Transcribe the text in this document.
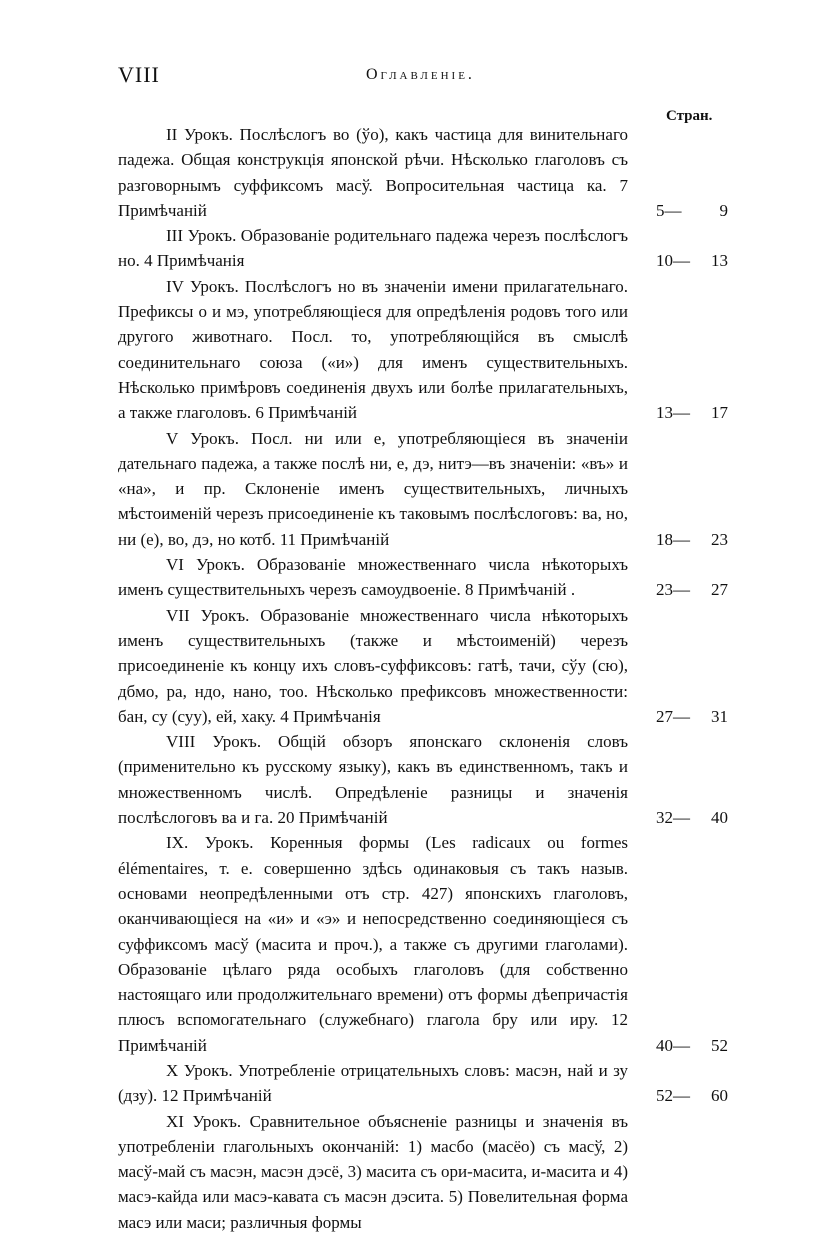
VIII	Оглавленіе.
Стран.
II Урокъ. Послѣслогъ во (ўо), какъ частица для винительнаго падежа. Общая конструкція японской рѣчи. Нѣсколько глаголовъ съ разговорнымъ суффиксомъ масў. Вопросительная частица ка. 7 Примѣчаній	5— 9
III Урокъ. Образованіе родительнаго падежа черезъ послѣслогъ но. 4 Примѣчанія	10— 13
IV Урокъ. Послѣслогъ но въ значеніи имени прилагательнаго. Префиксы о и мэ, употребляющіеся для опредѣленія родовъ того или другого животнаго. Посл. то, употребляющійся въ смыслѣ соединительнаго союза («и») для именъ существительныхъ. Нѣсколько примѣровъ соединенія двухъ или болѣе прилагательныхъ, а также глаголовъ. 6 Примѣчаній	13— 17
V Урокъ. Посл. ни или е, употребляющіеся въ значеніи дательнаго падежа, а также послѣ ни, е, дэ, нитэ—въ значеніи: «въ» и «на», и пр. Склоненіе именъ существительныхъ, личныхъ мѣстоименій черезъ присоединеніе къ таковымъ послѣслоговъ: ва, но, ни (е), во, дэ, но котб. 11 Примѣчаній	18— 23
VI Урокъ. Образованіе множественнаго числа нѣкоторыхъ именъ существительныхъ черезъ самоудвоеніе. 8 Примѣчаній .	23— 27
VII Урокъ. Образованіе множественнаго числа нѣкоторыхъ именъ существительныхъ (также и мѣстоименій) черезъ присоединеніе къ концу ихъ словъ-суффиксовъ: гатѣ, тачи, сўу (сю), дбмо, ра, ндо, нано, тоо. Нѣсколько префиксовъ множественности: бан, су (суу), ей, хаку. 4 Примѣчанія	27— 31
VIII Урокъ. Общій обзоръ японскаго склоненія словъ (применительно къ русскому языку), какъ въ единственномъ, такъ и множественномъ числѣ. Опредѣленіе разницы и значенія послѣслоговъ ва и га. 20 Примѣчаній	32— 40
IX. Урокъ. Коренныя формы (Les radicaux ou formes élémentaires, т. е. совершенно здѣсь одинаковыя съ такъ назыв. основами неопредѣленными отъ стр. 427) японскихъ глаголовъ, оканчивающіеся на «и» и «э» и непосредственно соединяющіеся съ суффиксомъ масў (масита и проч.), а также съ другими глаголами). Образованіе цѣлаго ряда особыхъ глаголовъ (для собственно настоящаго или продолжительнаго времени) отъ формы дѣепричастія плюсъ вспомогательнаго (служебнаго) глагола бру или иру. 12 Примѣчаній	40— 52
X Урокъ. Употребленіе отрицательныхъ словъ: масэн, най и зу (дзу). 12 Примѣчаній	52— 60
XI Урокъ. Сравнительное объясненіе разницы и значенія въ употребленіи глагольныхъ окончаній: 1) масбо (масёо) съ масў, 2) масў-май съ масэн, масэн дэсё, 3) масита съ ори-масита, и-масита и 4) масэ-кайда или масэ-кавата съ масэн дэсита. 5) Повелительная форма масэ или маси; различныя формы
